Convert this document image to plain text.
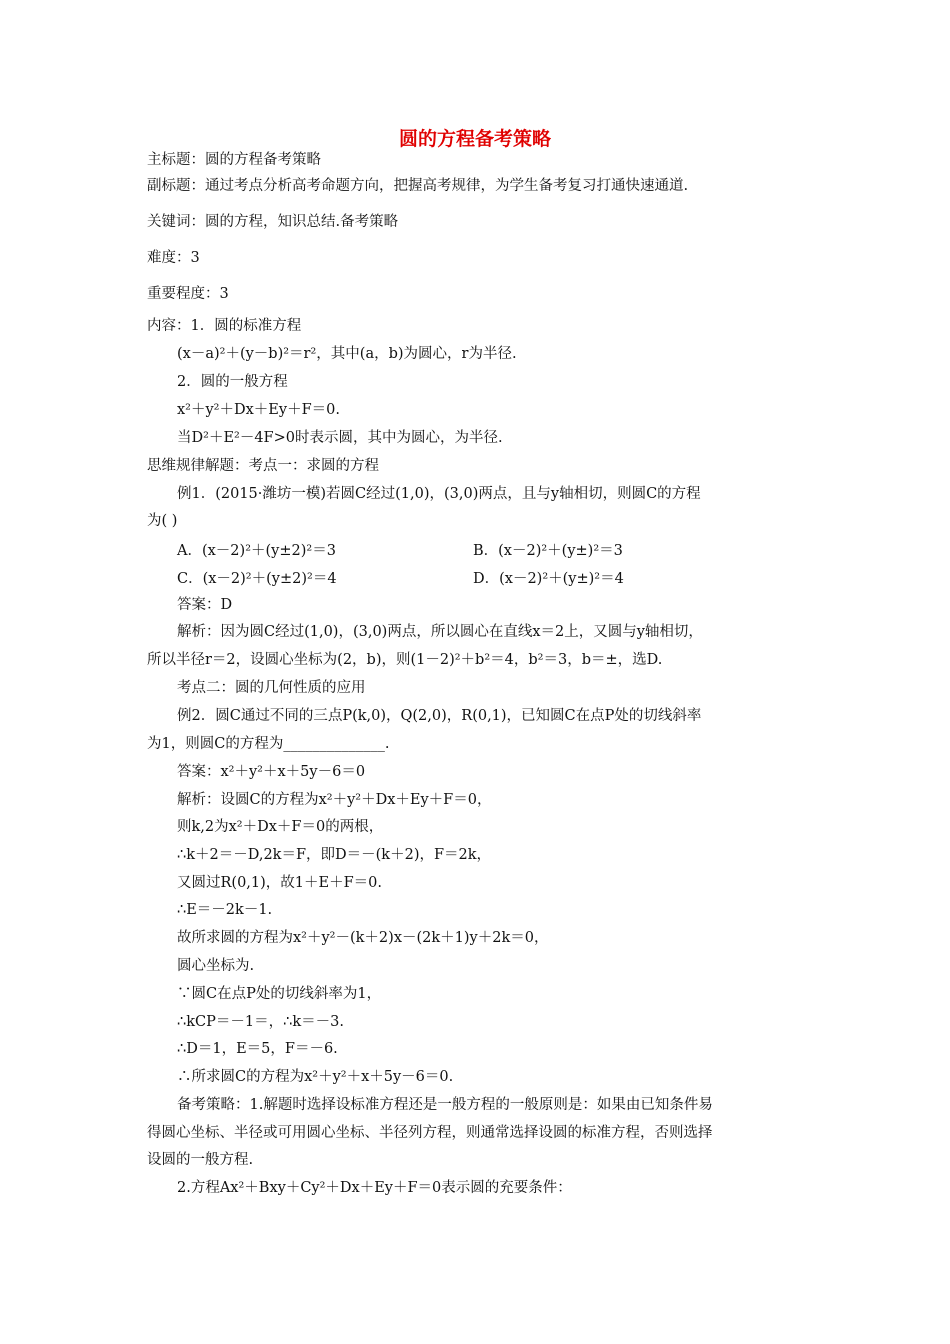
圆的方程备考策略
主标题：圆的方程备考策略
副标题：通过考点分析高考命题方向，把握高考规律，为学生备考复习打通快速通道.
关键词：圆的方程，知识总结.备考策略
难度：3
重要程度：3
内容：1．圆的标准方程
(x－a)²＋(y－b)²＝r²，其中(a，b)为圆心，r为半径.
2．圆的一般方程
x²＋y²＋Dx＋Ey＋F＝0.
当D²＋E²－4F>0时表示圆，其中为圆心，为半径.
思维规律解题：考点一：求圆的方程
例1．(2015·潍坊一模)若圆C经过(1,0)，(3,0)两点，且与y轴相切，则圆C的方程
为( )
A．(x－2)²＋(y±2)²＝3	B．(x－2)²＋(y±)²＝3
C．(x－2)²＋(y±2)²＝4	D．(x－2)²＋(y±)²＝4
答案：D
解析：因为圆C经过(1,0)，(3,0)两点，所以圆心在直线x＝2上，又圆与y轴相切，
所以半径r＝2，设圆心坐标为(2，b)，则(1－2)²＋b²＝4，b²＝3，b＝±，选D.
考点二：圆的几何性质的应用
例2．圆C通过不同的三点P(k,0)，Q(2,0)，R(0,1)，已知圆C在点P处的切线斜率
为1，则圆C的方程为______________.
答案：x²＋y²＋x＋5y－6＝0
解析：设圆C的方程为x²＋y²＋Dx＋Ey＋F＝0，
则k,2为x²＋Dx＋F＝0的两根，
∴k＋2＝－D,2k＝F，即D＝－(k＋2)，F＝2k，
又圆过R(0,1)，故1＋E＋F＝0.
∴E＝－2k－1.
故所求圆的方程为x²＋y²－(k＋2)x－(2k＋1)y＋2k＝0，
圆心坐标为.
∵圆C在点P处的切线斜率为1，
∴kCP＝－1＝，∴k＝－3.
∴D＝1，E＝5，F＝－6.
∴所求圆C的方程为x²＋y²＋x＋5y－6＝0.
备考策略：1.解题时选择设标准方程还是一般方程的一般原则是：如果由已知条件易
得圆心坐标、半径或可用圆心坐标、半径列方程，则通常选择设圆的标准方程，否则选择
设圆的一般方程.
2.方程Ax²＋Bxy＋Cy²＋Dx＋Ey＋F＝0表示圆的充要条件：
